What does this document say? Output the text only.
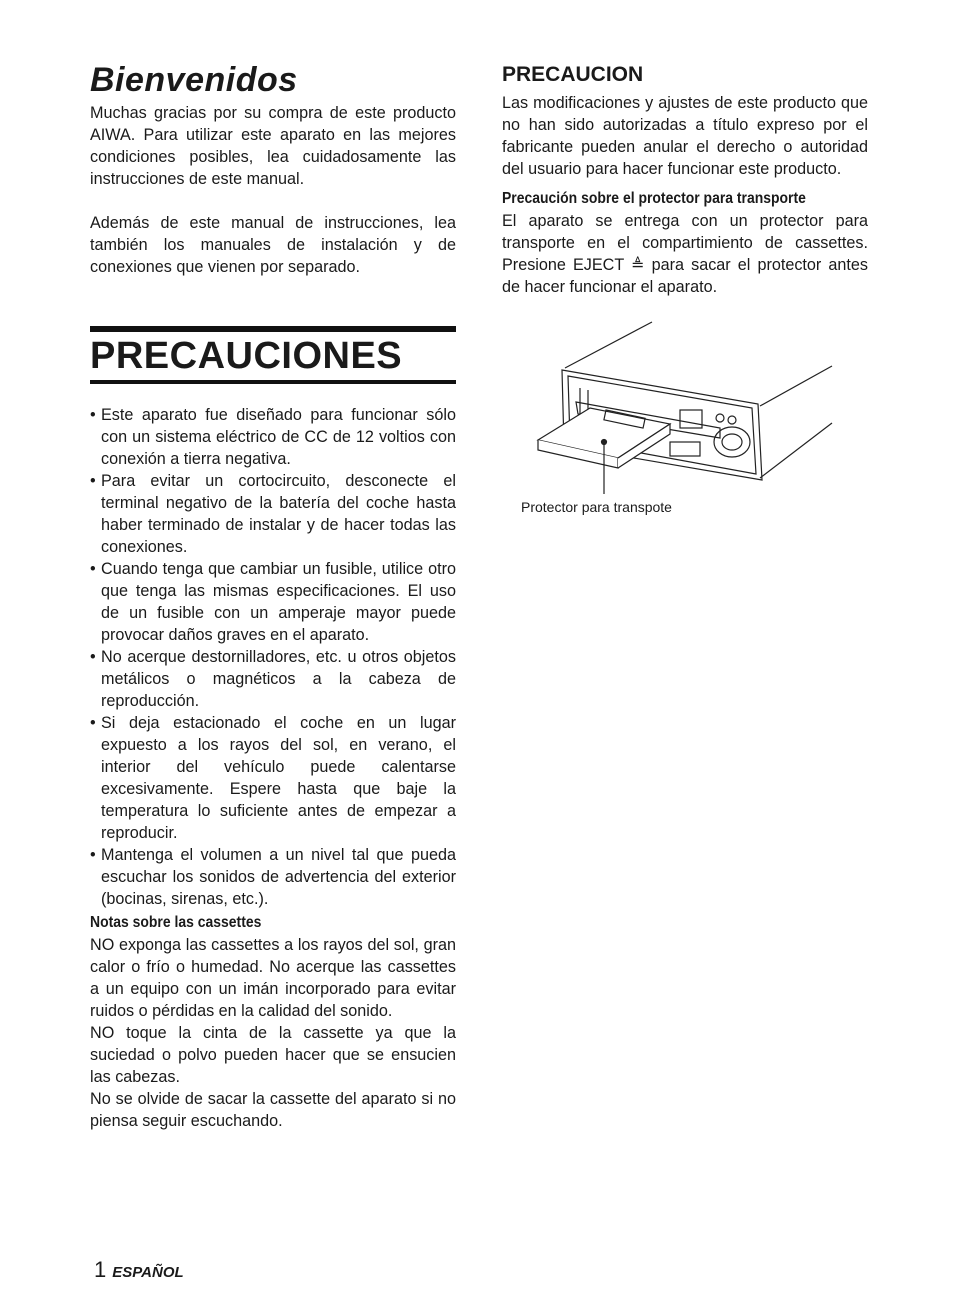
Bienvenidos

Muchas gracias por su compra de este producto AIWA. Para utilizar este aparato en las mejores condiciones posibles, lea cuidadosamente las instrucciones de este manual.

Además de este manual de instrucciones, lea también los manuales de instalación y de conexiones que vienen por separado.

PRECAUCIONES
• Este aparato fue diseñado para funcionar sólo con un sistema eléctrico de CC de 12 voltios con conexión a tierra negativa.
• Para evitar un cortocircuito, desconecte el terminal negativo de la batería del coche hasta haber terminado de instalar y de hacer todas las conexiones.
• Cuando tenga que cambiar un fusible, utilice otro que tenga las mismas especificaciones. El uso de un fusible con un amperaje mayor puede provocar daños graves en el aparato.
• No acerque destornilladores, etc. u otros objetos metálicos o magnéticos a la cabeza de reproducción.
• Si deja estacionado el coche en un lugar expuesto a los rayos del sol, en verano, el interior del vehículo puede calentarse excesivamente. Espere hasta que baje la temperatura lo suficiente antes de empezar a reproducir.
• Mantenga el volumen a un nivel tal que pueda escuchar los sonidos de advertencia del exterior (bocinas, sirenas, etc.).
Notas sobre las cassettes

NO exponga las cassettes a los rayos del sol, gran calor o frío o humedad. No acerque las cassettes a un equipo con un imán incorporado para evitar ruidos o pérdidas en la calidad del sonido.

NO toque la cinta de la cassette ya que la suciedad o polvo pueden hacer que se ensucien las cabezas.

No se olvide de sacar la cassette del aparato si no piensa seguir escuchando.

PRECAUCION

Las modificaciones y ajustes de este producto que no han sido autorizadas a título expreso por el fabricante pueden anular el derecho o autoridad del usuario para hacer funcionar este producto.

Precaución sobre el protector para transporte

El aparato se entrega con un protector para transporte en el compartimiento de cassettes. Presione EJECT ≜ para sacar el protector antes de hacer funcionar el aparato.

Protector para transpote
1 ESPAÑOL
